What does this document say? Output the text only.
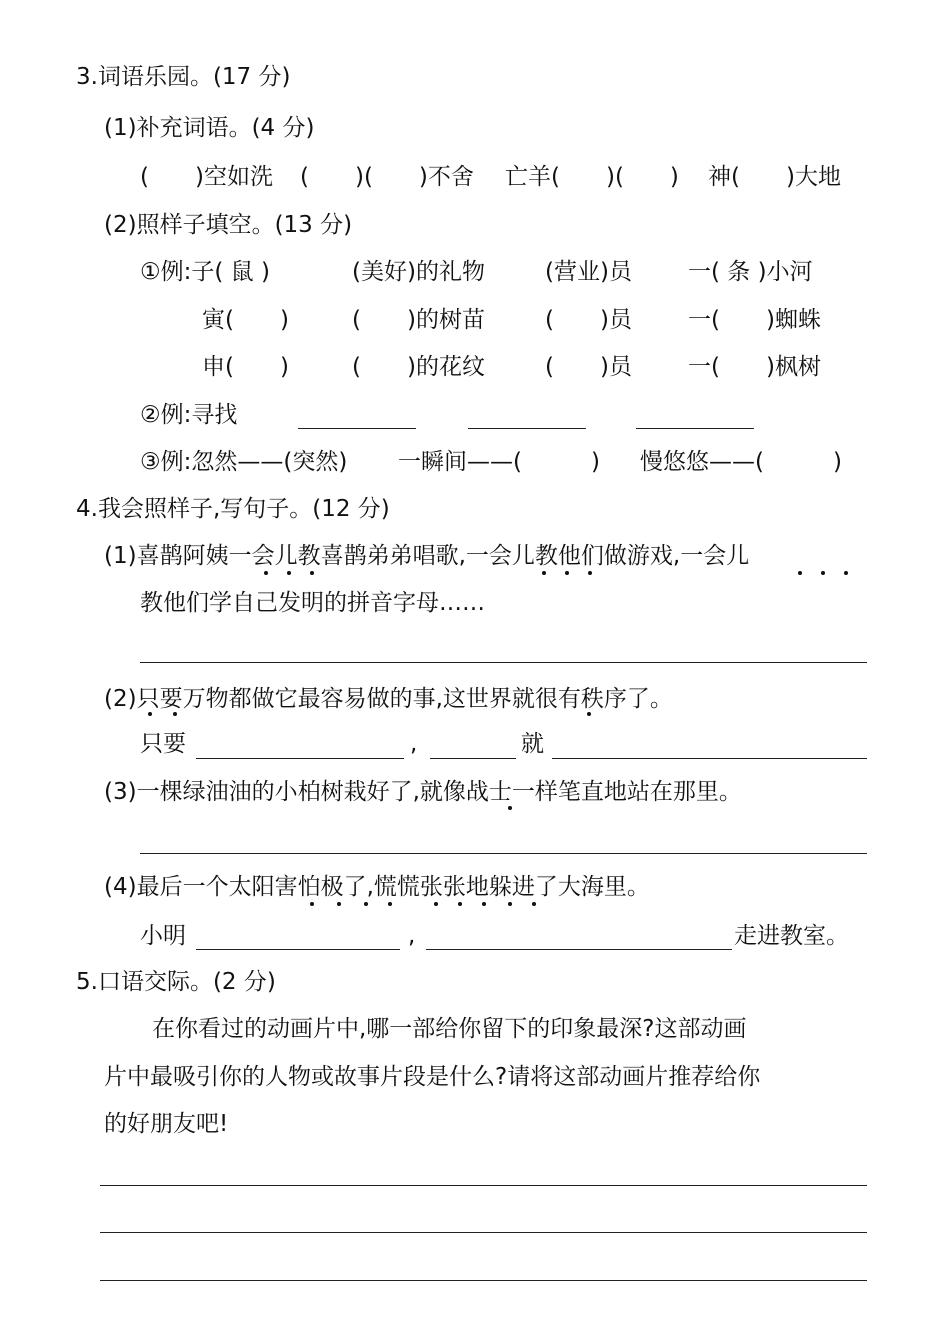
3.词语乐园。(17 分)
(1)补充词语。(4 分)
(　　)空如洗 (　　)(　　)不舍 亡羊(　　)(　　) 神(　　)大地
(2)照样子填空。(13 分)
①例:子( 鼠 )	(美好)的礼物	(营业)员 一( 条 )小河
寅(　　)	(　　)的树苗	(　　)员 一(　　)蜘蛛
申(　　)	(　　)的花纹	(　　)员 一(　　)枫树
②例:寻找
③例:忽然——(突然) 一瞬间——(　　　) 慢悠悠——(　　　)
4.我会照样子,写句子。(12 分)
(1)喜鹊阿姨一会儿教喜鹊弟弟唱歌,一会儿教他们做游戏,一会儿
教他们学自己发明的拼音字母……
(2)只要万物都做它最容易做的事,这世界就很有秩序了。
只要	,	就
(3)一棵绿油油的小柏树栽好了,就像战士一样笔直地站在那里。
(4)最后一个太阳害怕极了,慌慌张张地躲进了大海里。
小明	,	走进教室。
5.口语交际。(2 分)
在你看过的动画片中,哪一部给你留下的印象最深?这部动画
片中最吸引你的人物或故事片段是什么?请将这部动画片推荐给你
的好朋友吧!
